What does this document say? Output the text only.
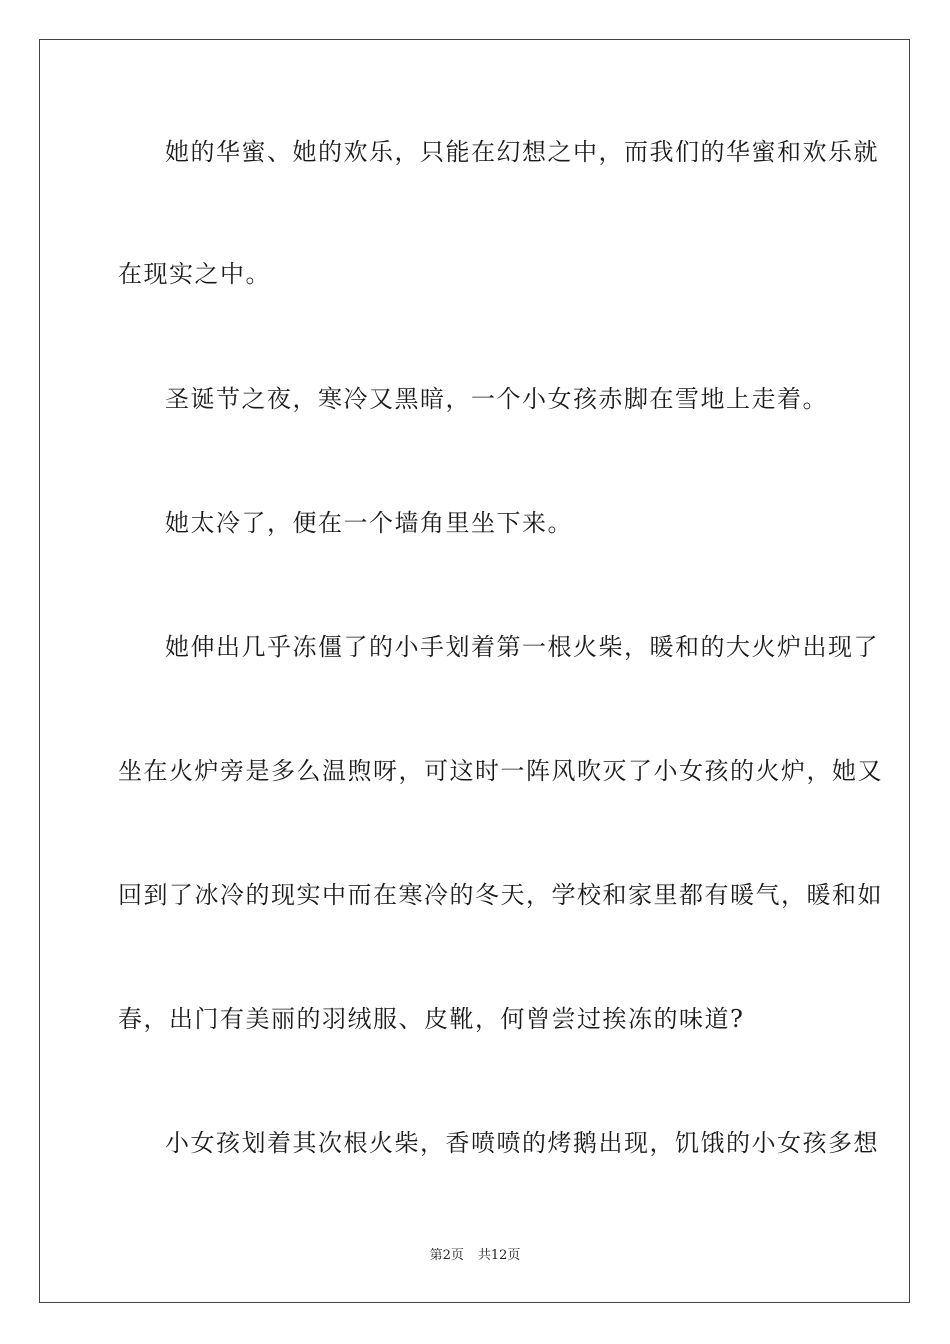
她的华蜜、她的欢乐，只能在幻想之中，而我们的华蜜和欢乐就
在现实之中。
圣诞节之夜，寒冷又黑暗，一个小女孩赤脚在雪地上走着。
她太冷了，便在一个墙角里坐下来。
她伸出几乎冻僵了的小手划着第一根火柴，暖和的大火炉出现了
坐在火炉旁是多么温煦呀，可这时一阵风吹灭了小女孩的火炉，她又
回到了冰冷的现实中而在寒冷的冬天，学校和家里都有暖气，暖和如
春，出门有美丽的羽绒服、皮靴，何曾尝过挨冻的味道?
小女孩划着其次根火柴，香喷喷的烤鹅出现，饥饿的小女孩多想
第2页 共12页
